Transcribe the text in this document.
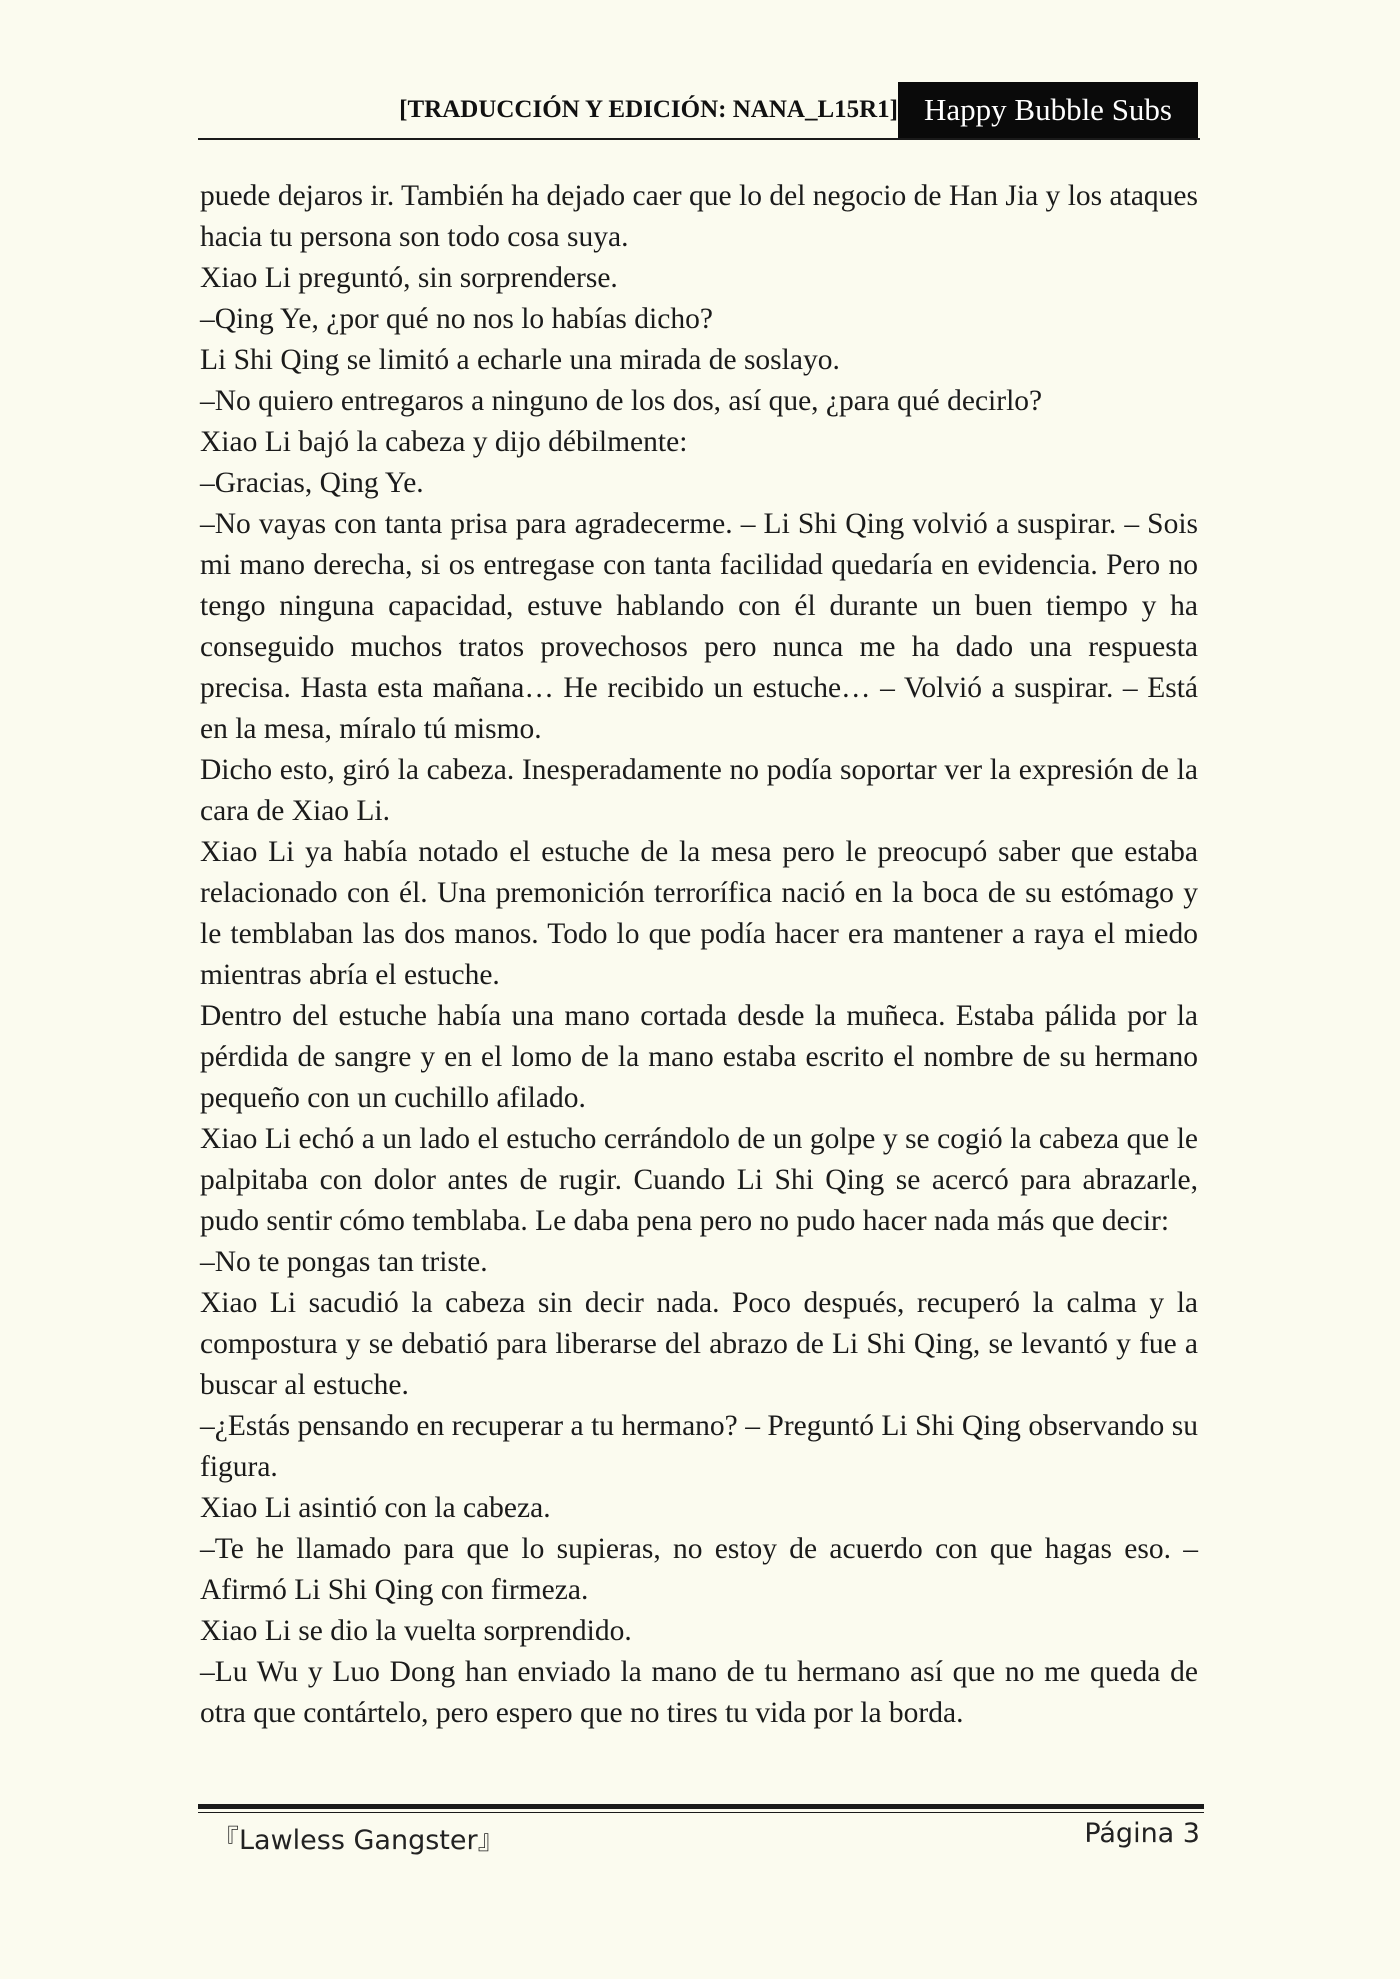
[TRADUCCIÓN Y EDICIÓN: NANA_L15R1] Happy Bubble Subs

puede dejaros ir. También ha dejado caer que lo del negocio de Han Jia y los ataques hacia tu persona son todo cosa suya.

Xiao Li preguntó, sin sorprenderse.

–Qing Ye, ¿por qué no nos lo habías dicho?

Li Shi Qing se limitó a echarle una mirada de soslayo.

–No quiero entregaros a ninguno de los dos, así que, ¿para qué decirlo?

Xiao Li bajó la cabeza y dijo débilmente:

–Gracias, Qing Ye.

–No vayas con tanta prisa para agradecerme. – Li Shi Qing volvió a suspirar. – Sois mi mano derecha, si os entregase con tanta facilidad quedaría en evidencia. Pero no tengo ninguna capacidad, estuve hablando con él durante un buen tiempo y ha conseguido muchos tratos provechosos pero nunca me ha dado una respuesta precisa. Hasta esta mañana… He recibido un estuche… – Volvió a suspirar. – Está en la mesa, míralo tú mismo.

Dicho esto, giró la cabeza. Inesperadamente no podía soportar ver la expresión de la cara de Xiao Li.

Xiao Li ya había notado el estuche de la mesa pero le preocupó saber que estaba relacionado con él. Una premonición terrorífica nació en la boca de su estómago y le temblaban las dos manos. Todo lo que podía hacer era mantener a raya el miedo mientras abría el estuche.

Dentro del estuche había una mano cortada desde la muñeca. Estaba pálida por la pérdida de sangre y en el lomo de la mano estaba escrito el nombre de su hermano pequeño con un cuchillo afilado.

Xiao Li echó a un lado el estucho cerrándolo de un golpe y se cogió la cabeza que le palpitaba con dolor antes de rugir. Cuando Li Shi Qing se acercó para abrazarle, pudo sentir cómo temblaba. Le daba pena pero no pudo hacer nada más que decir:

–No te pongas tan triste.

Xiao Li sacudió la cabeza sin decir nada. Poco después, recuperó la calma y la compostura y se debatió para liberarse del abrazo de Li Shi Qing, se levantó y fue a buscar al estuche.

–¿Estás pensando en recuperar a tu hermano? – Preguntó Li Shi Qing observando su figura.

Xiao Li asintió con la cabeza.

–Te he llamado para que lo supieras, no estoy de acuerdo con que hagas eso. – Afirmó Li Shi Qing con firmeza.

Xiao Li se dio la vuelta sorprendido.

–Lu Wu y Luo Dong han enviado la mano de tu hermano así que no me queda de otra que contártelo, pero espero que no tires tu vida por la borda.

『Lawless Gangster』	Página 3
